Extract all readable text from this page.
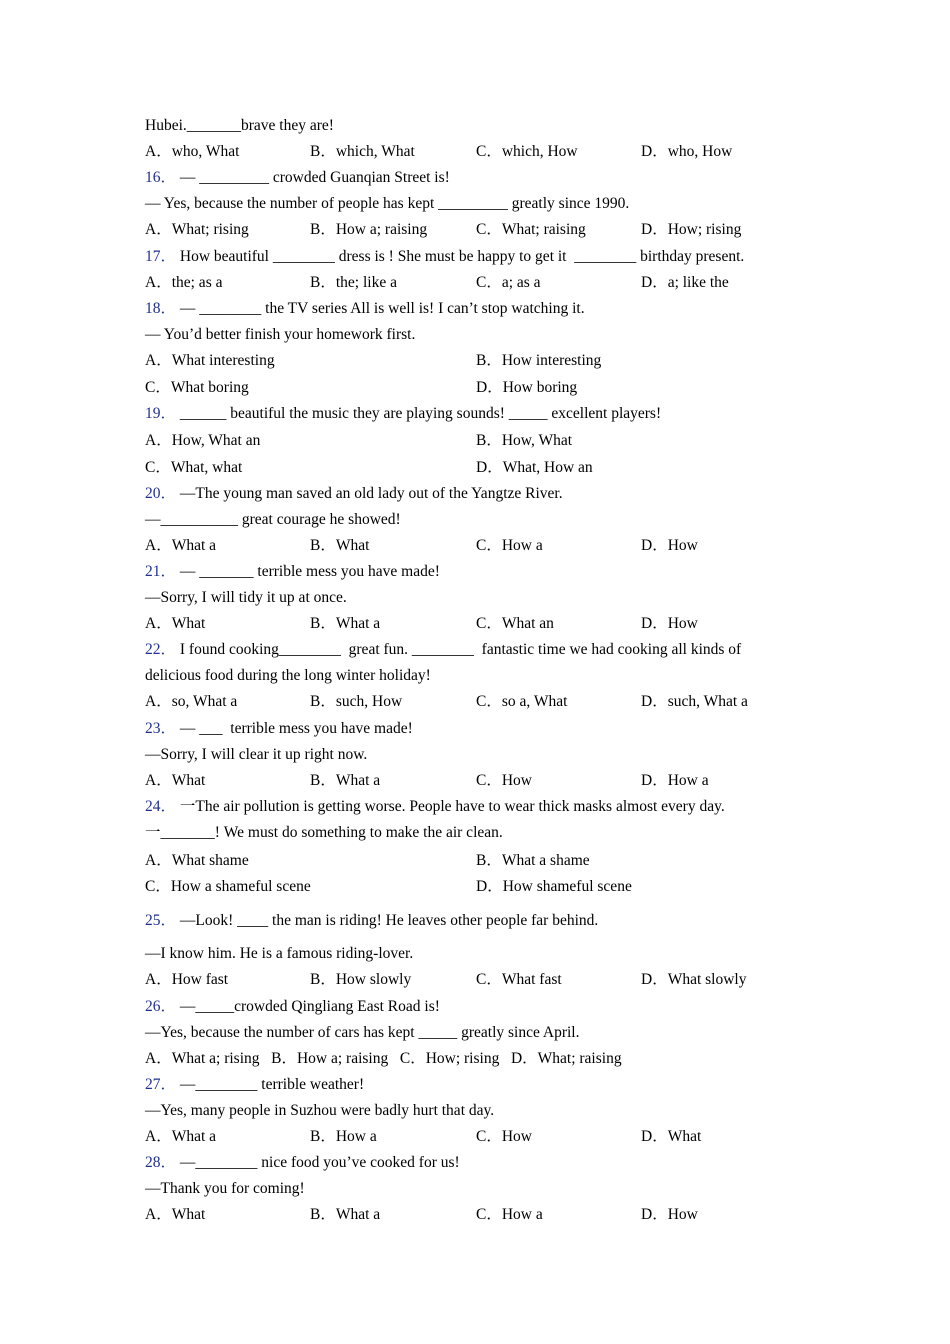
Hubei._______brave they are!
A．who, What	B．which, What	C．which, How	D．who, How
16． — _________ crowded Guanqian Street is!
— Yes, because the number of people has kept _________ greatly since 1990.
A．What; rising	B．How a; raising	C．What; raising	D．How; rising
17． How beautiful ________ dress is ! She must be happy to get it  ________ birthday present.
A．the; as a	B．the; like a	C．a; as a	D．a; like the
18． — ________ the TV series All is well is! I can’t stop watching it.
— You’d better finish your homework first.
A．What interesting	B．How interesting
C．What boring	D．How boring
19． ______ beautiful the music they are playing sounds! _____ excellent players!
A．How, What an	B．How, What
C．What, what	D．What, How an
20． —The young man saved an old lady out of the Yangtze River.
—__________ great courage he showed!
A．What a	B．What	C．How a	D．How
21． — _______ terrible mess you have made!
—Sorry, I will tidy it up at once.
A．What	B．What a	C．What an	D．How
22． I found cooking________  great fun. ________  fantastic time we had cooking all kinds of
delicious food during the long winter holiday!
A．so, What a	B．such, How	C．so a, What	D．such, What a
23． — ___  terrible mess you have made!
—Sorry, I will clear it up right now.
A．What	B．What a	C．How	D．How a
24． 一The air pollution is getting worse. People have to wear thick masks almost every day.
一_______! We must do something to make the air clean.
A．What shame	B．What a shame
C．How a shameful scene	D．How shameful scene
25． —Look! ____ the man is riding! He leaves other people far behind.
—I know him. He is a famous riding-lover.
A．How fast	B．How slowly	C．What fast	D．What slowly
26． —_____crowded Qingliang East Road is!
—Yes, because the number of cars has kept _____ greatly since April.
A．What a; rising   B．How a; raising   C．How; rising   D．What; raising
27． —________ terrible weather!
—Yes, many people in Suzhou were badly hurt that day.
A．What a	B．How a	C．How	D．What
28． —________ nice food you’ve cooked for us!
—Thank you for coming!
A．What	B．What a	C．How a	D．How
